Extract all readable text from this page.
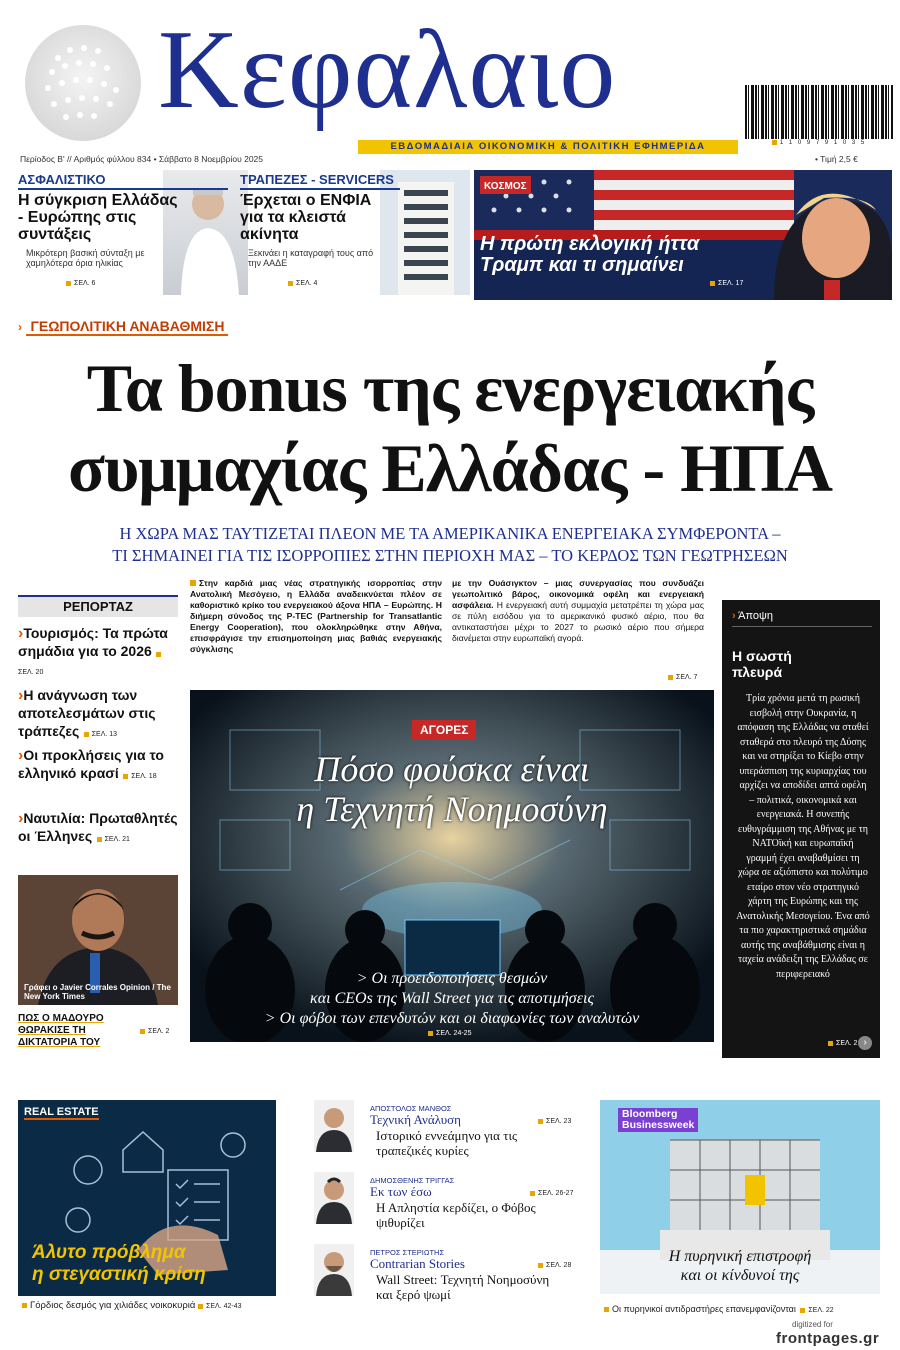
Κεφαλαιο
1 1 0 9 7 9 1 0 3 5
ΕΒΔΟΜΑΔΙΑΙΑ ΟΙΚΟΝΟΜΙΚΗ & ΠΟΛΙΤΙΚΗ ΕΦΗΜΕΡΙΔΑ
Περίοδος Β' // Αριθμός φύλλου 834 • Σάββατο 8 Νοεμβρίου 2025	• Τιμή 2,5 €
ΑΣΦΑΛΙΣΤΙΚΟ
Η σύγκριση Ελλάδας - Ευρώπης στις συντάξεις
Μικρότερη βασική σύνταξη με χαμηλότερα όρια ηλικίας
ΣΕΛ. 6
ΤΡΑΠΕΖΕΣ - SERVICERS
Έρχεται ο ΕΝΦΙΑ για τα κλειστά ακίνητα
Ξεκινάει η καταγραφή τους από την ΑΑΔΕ
ΣΕΛ. 4
ΚΟΣΜΟΣ
Η πρώτη εκλογική ήττα Τραμπ και τι σημαίνει
ΣΕΛ. 17
› ΓΕΩΠΟΛΙΤΙΚΗ ΑΝΑΒΑΘΜΙΣΗ
Τα bonus της ενεργειακής
συμμαχίας Ελλάδας - ΗΠΑ
Η ΧΩΡΑ ΜΑΣ ΤΑΥΤΙΖΕΤΑΙ ΠΛΕΟΝ ΜΕ ΤΑ ΑΜΕΡΙΚΑΝΙΚΑ ΕΝΕΡΓΕΙΑΚΑ ΣΥΜΦΕΡΟΝΤΑ –
ΤΙ ΣΗΜΑΙΝΕΙ ΓΙΑ ΤΙΣ ΙΣΟΡΡΟΠΙΕΣ ΣΤΗΝ ΠΕΡΙΟΧΗ ΜΑΣ – ΤΟ ΚΕΡΔΟΣ ΤΩΝ ΓΕΩΤΡΗΣΕΩΝ
Στην καρδιά μιας νέας στρατηγικής ισορροπίας στην Ανατολική Μεσόγειο, η Ελλάδα αναδεικνύεται πλέον σε καθοριστικό κρίκο του ενεργειακού άξονα ΗΠΑ – Ευρώπης. Η διήμερη σύνοδος της P-TEC (Partnership for Transatlantic Energy Cooperation), που ολοκληρώθηκε στην Αθήνα, επισφράγισε την επισημοποίηση μιας βαθιάς ενεργειακής σύγκλισης
με την Ουάσιγκτον – μιας συνεργασίας που συνδυάζει γεωπολιτικό βάρος, οικονομικά οφέλη και ενεργειακή ασφάλεια. Η ενεργειακή αυτή συμμαχία μετατρέπει τη χώρα μας σε πύλη εισόδου για το αμερικανικό φυσικό αέριο, που θα αντικαταστήσει μέχρι το 2027 το ρωσικό αέριο που σήμερα διανέμεται στην ευρωπαϊκή αγορά.
ΣΕΛ. 7
ΡΕΠΟΡΤΑΖ
›Τουρισμός: Τα πρώτα σημάδια για το 2026 ΣΕΛ. 20
›Η ανάγνωση των αποτελεσμάτων στις τράπεζες ΣΕΛ. 13
›Οι προκλήσεις για το ελληνικό κρασί ΣΕΛ. 18
›Ναυτιλία: Πρωταθλητές οι Έλληνες ΣΕΛ. 21
Γράφει ο Javier Corrales Opinion / The New York Times
ΠΩΣ Ο ΜΑΔΟΥΡΟ ΘΩΡΑΚΙΣΕ ΤΗ ΔΙΚΤΑΤΟΡΙΑ ΤΟΥ
ΣΕΛ. 2
ΑΓΟΡΕΣ
Πόσο φούσκα είναι
η Τεχνητή Νοημοσύνη
> Οι προειδοποιήσεις θεσμών
και CEOs της Wall Street για τις αποτιμήσεις
> Οι φόβοι των επενδυτών και οι διαφωνίες των αναλυτών
ΣΕΛ. 24-25
› Άποψη
Η σωστή πλευρά
Τρία χρόνια μετά τη ρωσική εισβολή στην Ουκρανία, η απόφαση της Ελλάδας να σταθεί σταθερά στο πλευρό της Δύσης και να στηρίξει το Κίεβο στην υπεράσπιση της κυριαρχίας του αρχίζει να αποδίδει απτά οφέλη – πολιτικά, οικονομικά και ενεργειακά. Η συνεπής ευθυγράμμιση της Αθήνας με τη ΝΑΤΟϊκή και ευρωπαϊκή γραμμή έχει αναβαθμίσει τη χώρα σε αξιόπιστο και πολύτιμο εταίρο στον νέο στρατηγικό χάρτη της Ευρώπης και της Ανατολικής Μεσογείου. Ένα από τα πιο χαρακτηριστικά σημάδια αυτής της αναβάθμισης είναι η ταχεία ανάδειξη της Ελλάδας σε περιφερειακό
ΣΕΛ. 2 ›
REAL ESTATE
Άλυτο πρόβλημα
η στεγαστική κρίση
Γόρδιος δεσμός για χιλιάδες νοικοκυριά ΣΕΛ. 42-43
ΑΠΟΣΤΟΛΟΣ ΜΑΝΘΟΣ
Τεχνική Ανάλυση	ΣΕΛ. 23
Ιστορικό εννεάμηνο για τις τραπεζικές κυρίες
ΔΗΜΟΣΘΕΝΗΣ ΤΡΙΓΓΑΣ
Εκ των έσω	ΣΕΛ. 26-27
Η Απληστία κερδίζει, ο Φόβος ψιθυρίζει
ΠΕΤΡΟΣ ΣΤΕΡΙΩΤΗΣ
Contrarian Stories	ΣΕΛ. 28
Wall Street: Τεχνητή Νοημοσύνη και ξερό ψωμί
Bloomberg
Businessweek
Η πυρηνική επιστροφή
και οι κίνδυνοί της
Οι πυρηνικοί αντιδραστήρες επανεμφανίζονται ΣΕΛ. 22
digitized for
frontpages.gr
